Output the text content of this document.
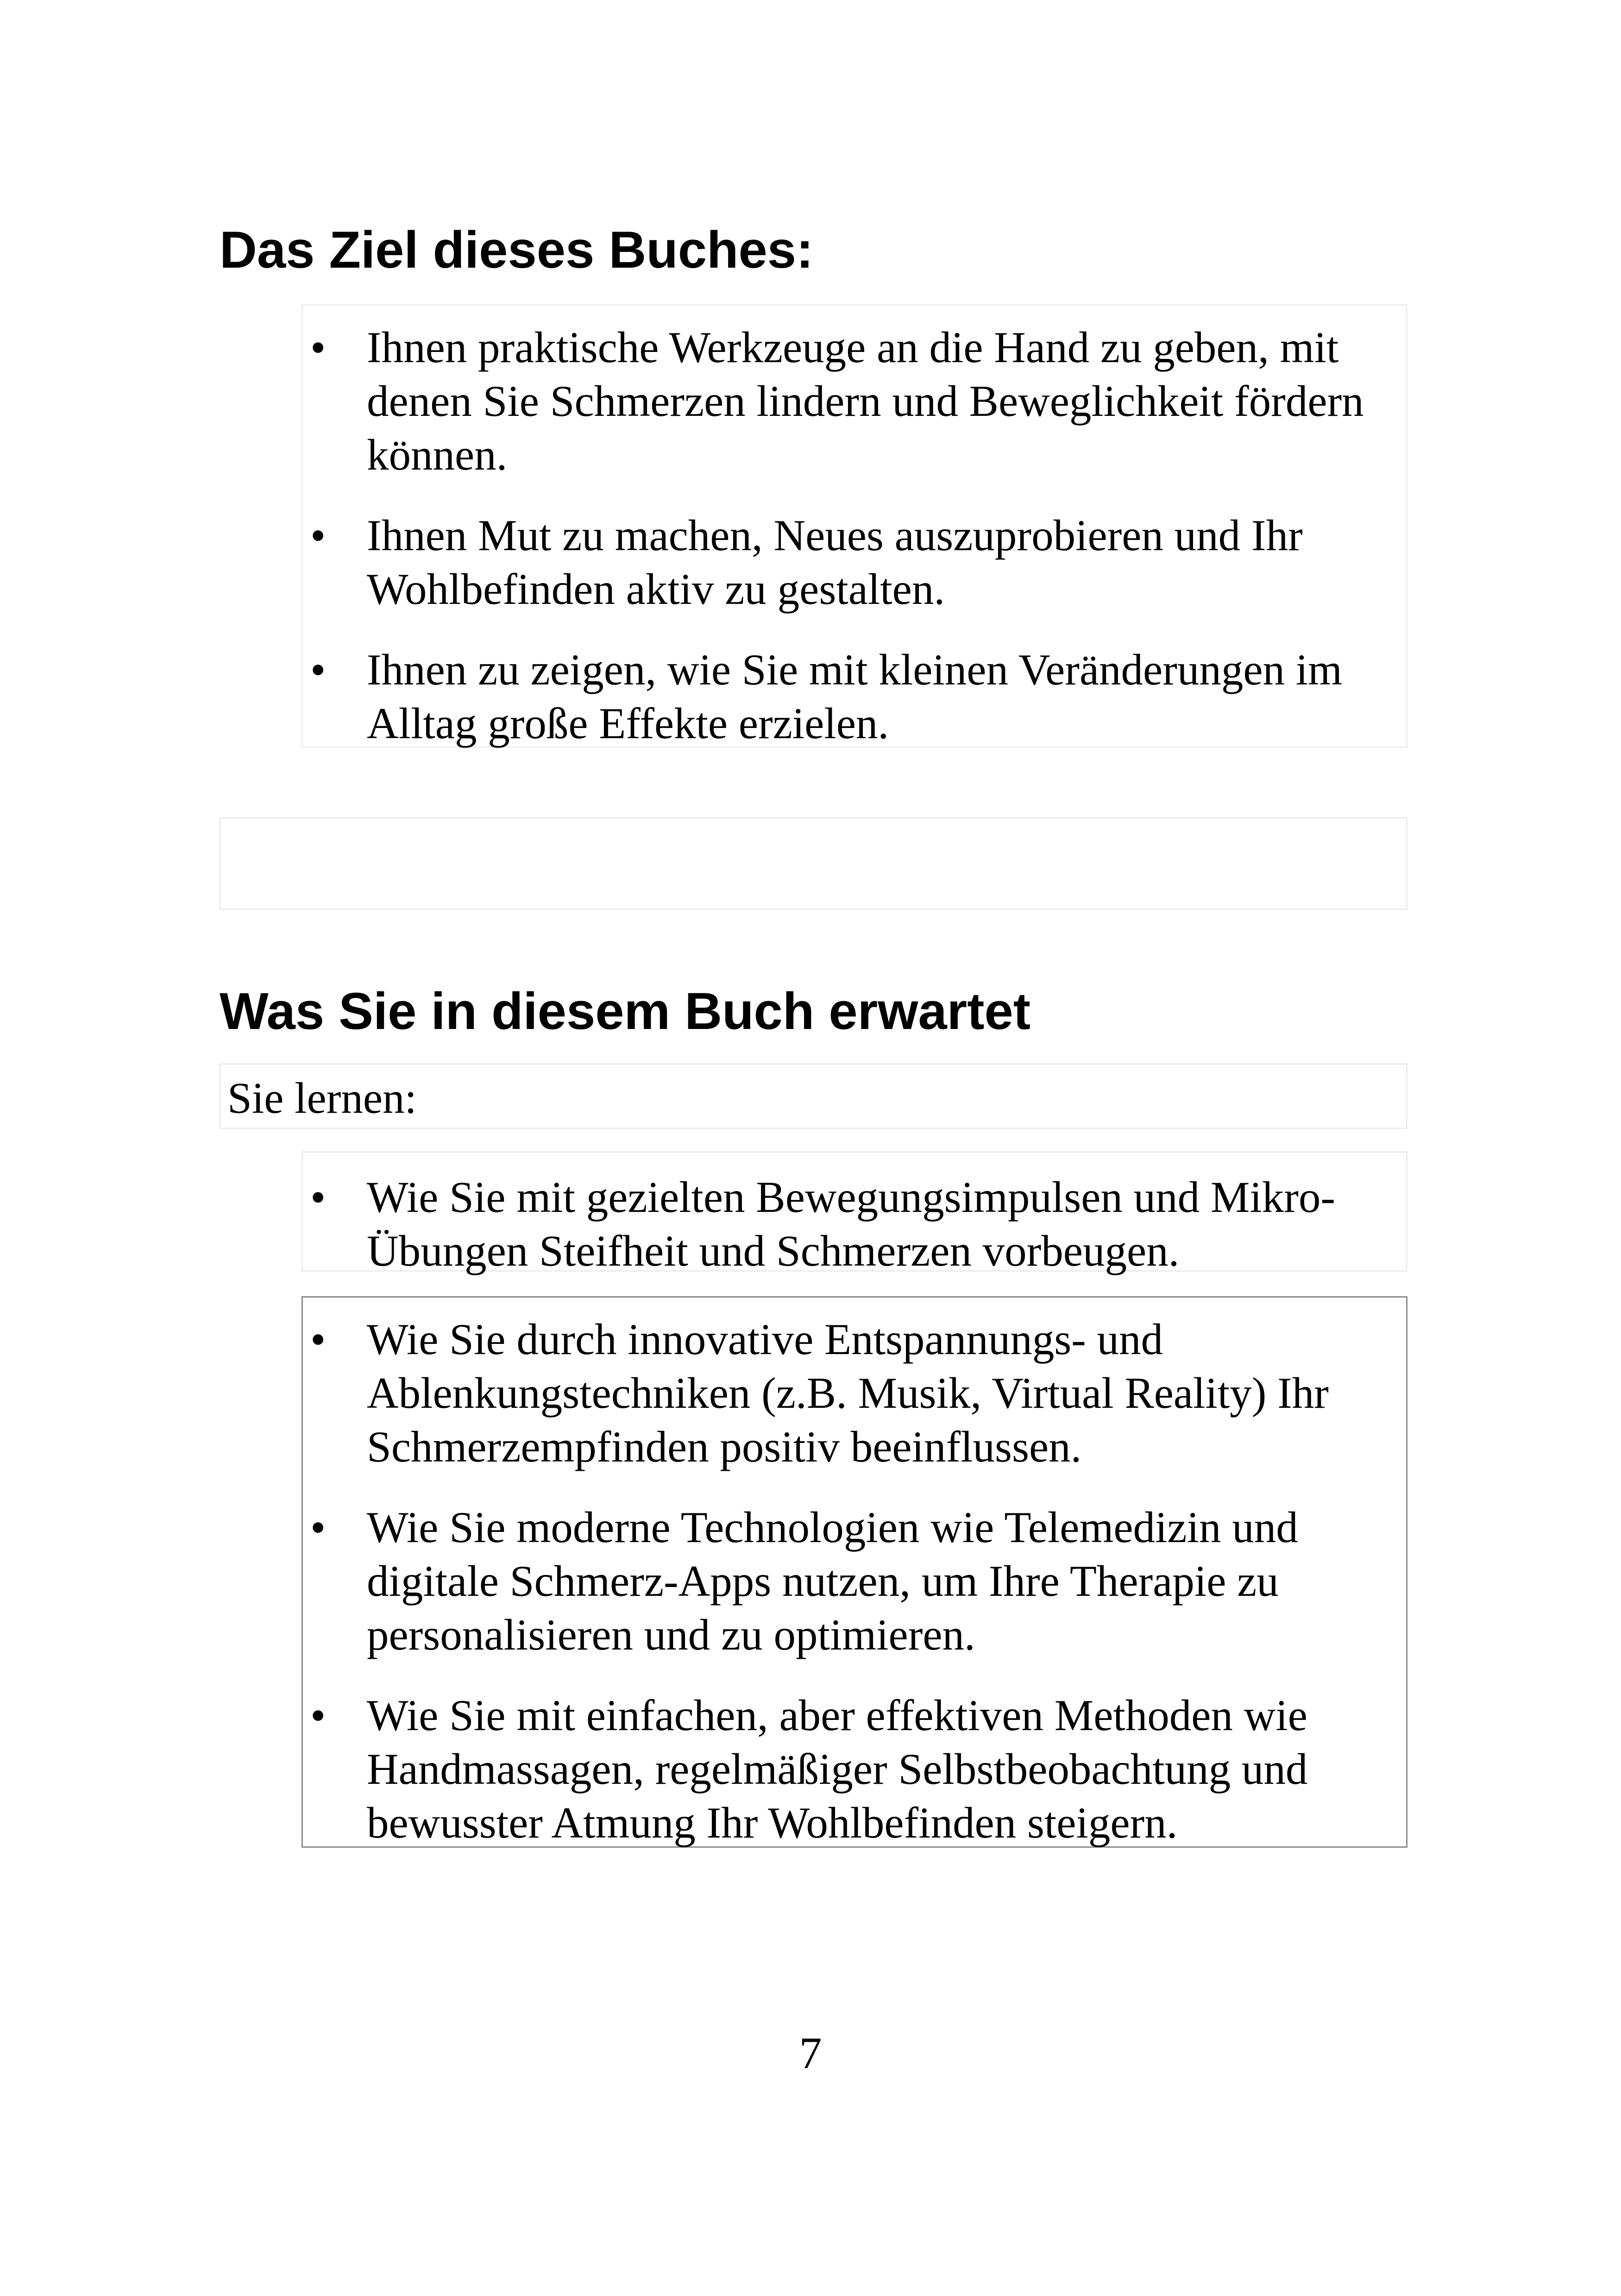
Das Ziel dieses Buches:
• Ihnen praktische Werkzeuge an die Hand zu geben, mit denen Sie Schmerzen lindern und Beweglichkeit fördern können.
• Ihnen Mut zu machen, Neues auszuprobieren und Ihr Wohlbefinden aktiv zu gestalten.
• Ihnen zu zeigen, wie Sie mit kleinen Veränderungen im Alltag große Effekte erzielen.
Was Sie in diesem Buch erwartet
Sie lernen:
• Wie Sie mit gezielten Bewegungsimpulsen und Mikro-Übungen Steifheit und Schmerzen vorbeugen.
• Wie Sie durch innovative Entspannungs- und Ablenkungstechniken (z.B. Musik, Virtual Reality) Ihr Schmerzempfinden positiv beeinflussen.
• Wie Sie moderne Technologien wie Telemedizin und digitale Schmerz-Apps nutzen, um Ihre Therapie zu personalisieren und zu optimieren.
• Wie Sie mit einfachen, aber effektiven Methoden wie Handmassagen, regelmäßiger Selbstbeobachtung und bewusster Atmung Ihr Wohlbefinden steigern.
7
